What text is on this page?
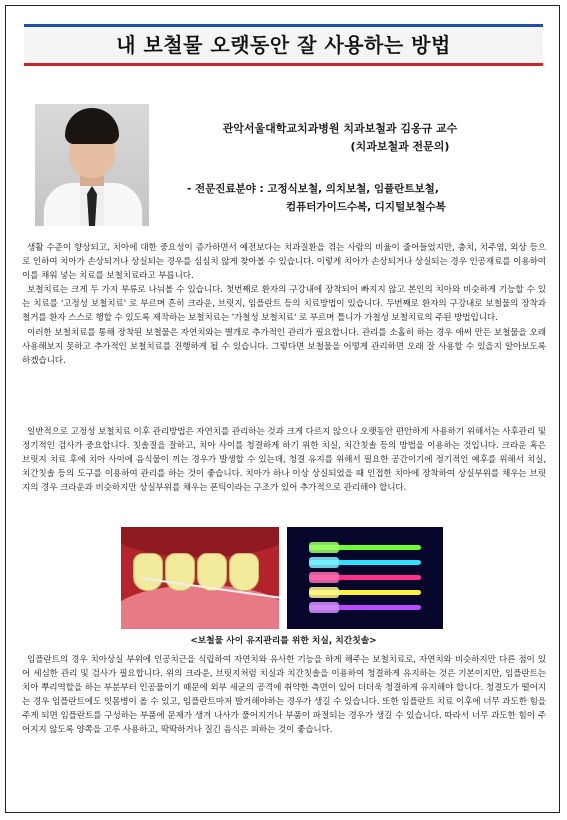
내 보철물 오랫동안 잘 사용하는 방법
관악서울대학교치과병원 치과보철과 김옹규 교수
(치과보철과 전문의)
- 전문진료분야 : 고정식보철, 의치보철, 임플란트보철,
컴퓨터가이드수복, 디지털보철수복

생활 수준이 향상되고, 치아에 대한 중요성이 증가하면서 예전보다는 치과질환을 겪는 사람의 비율이 줄어들었지만, 충치, 치주염, 외상 등으로 인하여 치아가 손상되거나 상실되는 경우를 심심치 않게 찾아볼 수 있습니다. 이렇게 치아가 손상되거나 상실되는 경우 인공재료를 이용하여 이를 채워 넣는 치료를 보철치료라고 부릅니다.

보철치료는 크게 두 가지 부류로 나눠볼 수 있습니다. 첫번째로 환자의 구강내에 장착되어 빠지지 않고 본인의 치아와 비슷하게 기능할 수 있는 치료를 '고정성 보철치료' 로 부르며 흔히 크라운, 브릿지, 임플란트 등의 치료방법이 있습니다. 두번째로 환자의 구강내로 보철물의 장착과 철거를 환자 스스로 행할 수 있도록 제작하는 보철치료는 '가철성 보철치료' 로 부르며 틀니가 가철성 보철치료의 주된 방법입니다.

이러한 보철치료를 통해 장착된 보철물은 자연치와는 별개로 추가적인 관리가 필요합니다. 관리를 소홀히 하는 경우 애써 만든 보철물을 오래 사용해보지 못하고 추가적인 보철치료를 진행하게 될 수 있습니다. 그렇다면 보철물을 어떻게 관리하면 오래 잘 사용할 수 있을지 알아보도록 하겠습니다.

일반적으로 고정성 보철치료 이후 관리방법은 자연치를 관리하는 것과 크게 다르지 않으나 오랫동안 편안하게 사용하기 위해서는 사후관리 및 정기적인 검사가 중요합니다. 칫솔질을 잘하고, 치아 사이를 청결하게 하기 위한 치실, 치간칫솔 등의 방법을 이용하는 것입니다. 크라운 혹은 브릿지 치료 후에 치아 사이에 음식물이 끼는 경우가 발생할 수 있는데, 청결 유지를 위해서 필요한 공간이기에 정기적인 예후를 위해서 치실, 치간칫솔 등의 도구를 이용하여 관리를 하는 것이 좋습니다. 치아가 하나 이상 상실되었을 때 인접한 치아에 장착하여 상실부위를 채우는 브릿지의 경우 크라운과 비슷하지만 상실부위를 채우는 폰틱이라는 구조가 있어 추가적으로 관리해야 합니다.

<보철물 사이 유지관리를 위한 치실, 치간칫솔>

임플란트의 경우 치아상실 부위에 인공치근을 식립하여 자연치와 유사한 기능을 하게 해주는 보철치료로, 자연치와 비슷하지만 다른 점이 있어 세심한 관리 및 검사가 필요합니다. 위의 크라운, 브릿지처럼 치실과 치간칫솔을 이용하여 청결하게 유지하는 것은 기본이지만, 임플란트는 치아 뿌리역할을 하는 부분부터 인공물이기 때문에 외부 세균의 공격에 취약한 측면이 있어 더더욱 청결하게 유지해야 합니다. 청결도가 떨어지는 경우 임플란트에도 잇몸병이 올 수 있고, 임플란트마저 발거해야하는 경우가 생길 수 있습니다. 또한 임플란트 치료 이후에 너무 과도한 힘을 주게 되면 임플란트를 구성하는 부품에 문제가 생겨 나사가 풀어지거나 부품이 파절되는 경우가 생길 수 있습니다. 따라서 너무 과도한 힘이 주어지지 않도록 양쪽을 고루 사용하고, 딱딱하거나 질긴 음식은 피하는 것이 좋습니다.
